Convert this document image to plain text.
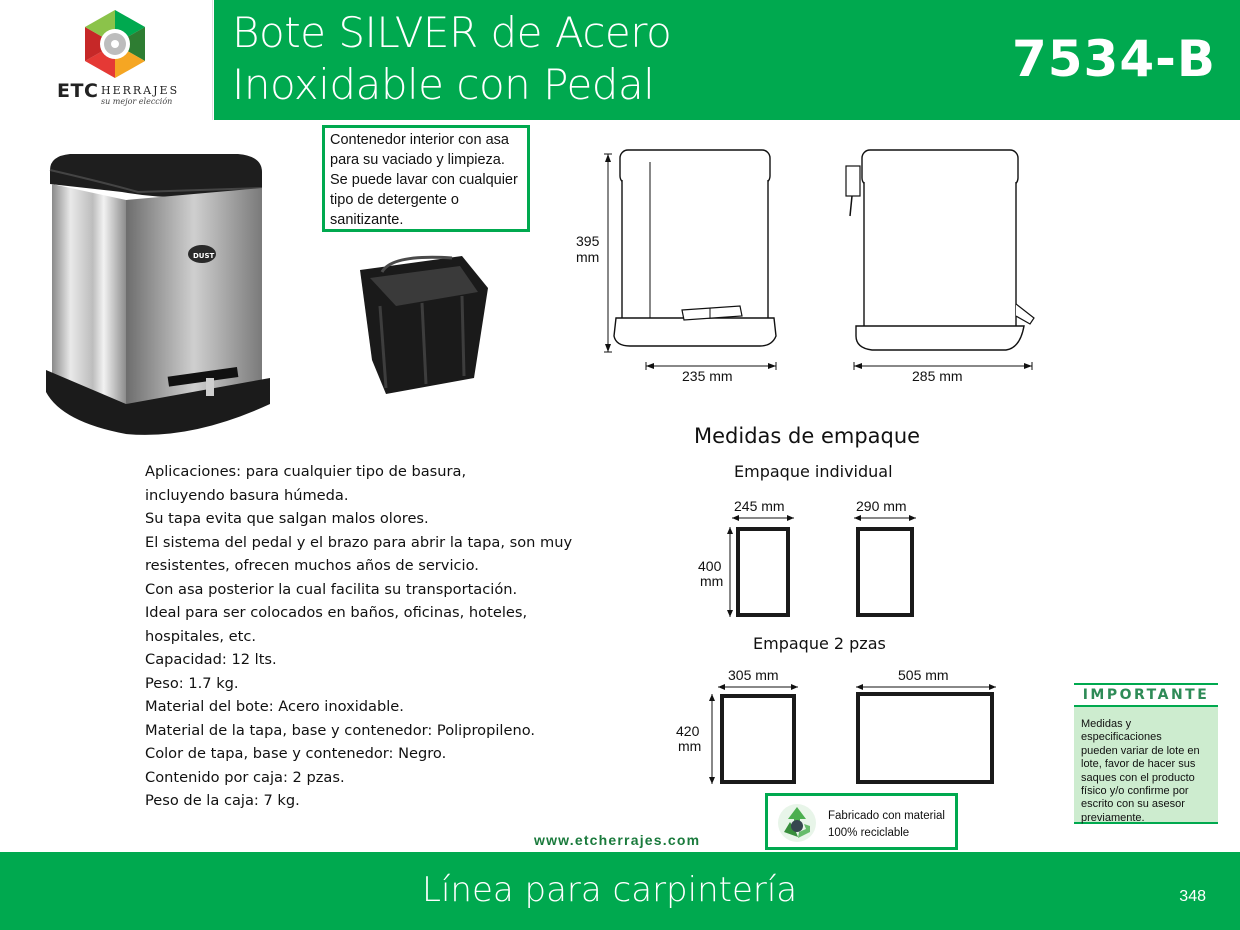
ETC HERRAJES
su mejor elección
Bote SILVER de Acero
Inoxidable con Pedal	7534-B
DUST
Contenedor interior con asa
para su vaciado y limpieza.
Se puede lavar con cualquier
tipo de detergente o
sanitizante.
395
mm
235 mm	285 mm
Medidas de empaque
Empaque individual
Empaque 2 pzas
245 mm	290 mm
400
mm
305 mm	505 mm
420
mm
Aplicaciones: para cualquier tipo de basura,
incluyendo basura húmeda.
Su tapa evita que salgan malos olores.
El sistema del pedal y el brazo para abrir la tapa, son muy
resistentes, ofrecen muchos años de servicio.
Con asa posterior la cual facilita su transportación.
Ideal para ser colocados en baños, oficinas, hoteles,
hospitales, etc.
Capacidad: 12 lts.
Peso: 1.7 kg.
Material del bote: Acero inoxidable.
Material de la tapa, base y contenedor: Polipropileno.
Color de tapa, base y contenedor: Negro.
Contenido por caja: 2 pzas.
Peso de la caja: 7 kg.
IMPORTANTE
Medidas y especificaciones
pueden variar de lote en
lote, favor de hacer sus
saques con el producto
físico y/o confirme por
escrito con su asesor
previamente.
Fabricado con material
100% reciclable
www.etcherrajes.com
Línea para carpintería	348
